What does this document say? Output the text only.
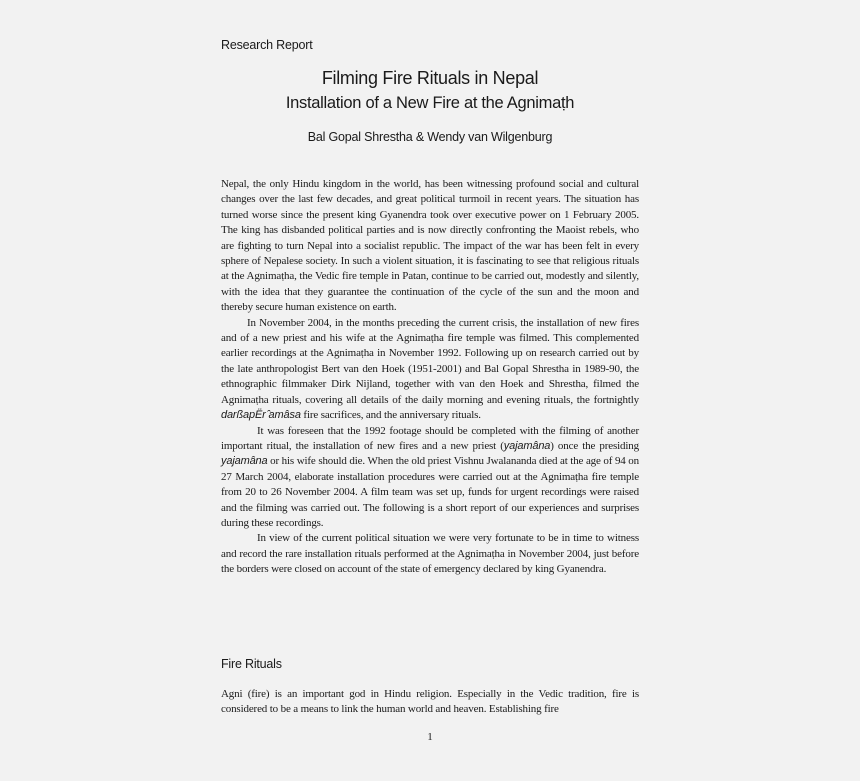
Research Report
Filming Fire Rituals in Nepal
Installation of a New Fire at the Agnimaṭh
Bal Gopal Shrestha & Wendy van Wilgenburg

Nepal, the only Hindu kingdom in the world, has been witnessing profound social and cultural changes over the last few decades, and great political turmoil in recent years. The situation has turned worse since the present king Gyanendra took over executive power on 1 February 2005. The king has disbanded political parties and is now directly confronting the Maoist rebels, who are fighting to turn Nepal into a socialist republic. The impact of the war has been felt in every sphere of Nepalese society. In such a violent situation, it is fascinating to see that religious rituals at the Agnimaṭha, the Vedic fire temple in Patan, continue to be carried out, modestly and silently, with the idea that they guarantee the continuation of the cycle of the sun and the moon and thereby secure human existence on earth.

In November 2004, in the months preceding the current crisis, the installation of new fires and of a new priest and his wife at the Agnimaṭha fire temple was filmed. This complemented earlier recordings at the Agnimaṭha in November 1992. Following up on research carried out by the late anthropologist Bert van den Hoek (1951-2001) and Bal Gopal Shrestha in 1989-90, the ethnographic filmmaker Dirk Nijland, together with van den Hoek and Shrestha, filmed the Agnimaṭha rituals, covering all details of the daily morning and evening rituals, the fortnightly darßapËr ̂amâsa fire sacrifices, and the anniversary rituals.

It was foreseen that the 1992 footage should be completed with the filming of another important ritual, the installation of new fires and a new priest (yajamâna) once the presiding yajamâna or his wife should die. When the old priest Vishnu Jwalananda died at the age of 94 on 27 March 2004, elaborate installation procedures were carried out at the Agnimaṭha fire temple from 20 to 26 November 2004. A film team was set up, funds for urgent recordings were raised and the filming was carried out. The following is a short report of our experiences and surprises during these recordings.

In view of the current political situation we were very fortunate to be in time to witness and record the rare installation rituals performed at the Agnimaṭha in November 2004, just before the borders were closed on account of the state of emergency declared by king Gyanendra.

Fire Rituals

Agni (fire) is an important god in Hindu religion. Especially in the Vedic tradition, fire is considered to be a means to link the human world and heaven. Establishing fire

1
